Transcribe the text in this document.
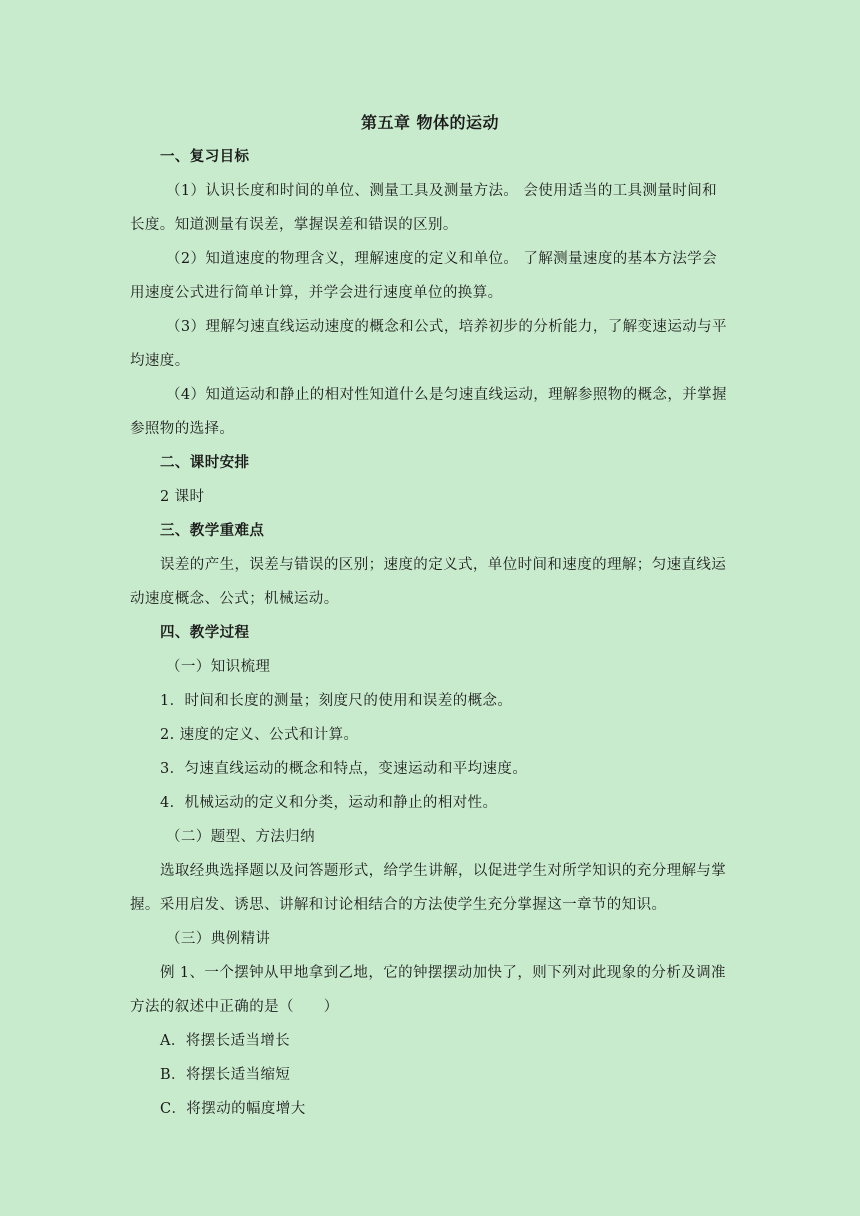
第五章 物体的运动

一、复习目标

（1）认识长度和时间的单位、测量工具及测量方法。 会使用适当的工具测量时间和长度。知道测量有误差，掌握误差和错误的区别。

（2）知道速度的物理含义，理解速度的定义和单位。 了解测量速度的基本方法学会用速度公式进行简单计算，并学会进行速度单位的换算。

（3）理解匀速直线运动速度的概念和公式，培养初步的分析能力，了解变速运动与平均速度。

（4）知道运动和静止的相对性知道什么是匀速直线运动，理解参照物的概念，并掌握参照物的选择。

二、课时安排

2 课时

三、教学重难点

误差的产生，误差与错误的区别；速度的定义式，单位时间和速度的理解；匀速直线运动速度概念、公式；机械运动。

四、教学过程

（一）知识梳理

1．时间和长度的测量；刻度尺的使用和误差的概念。

2. 速度的定义、公式和计算。

3．匀速直线运动的概念和特点，变速运动和平均速度。

4．机械运动的定义和分类，运动和静止的相对性。

（二）题型、方法归纳

选取经典选择题以及问答题形式，给学生讲解，以促进学生对所学知识的充分理解与掌握。采用启发、诱思、讲解和讨论相结合的方法使学生充分掌握这一章节的知识。

（三）典例精讲

例 1、一个摆钟从甲地拿到乙地，它的钟摆摆动加快了，则下列对此现象的分析及调准方法的叙述中正确的是（　　）

A．将摆长适当增长

B．将摆长适当缩短

C．将摆动的幅度增大
